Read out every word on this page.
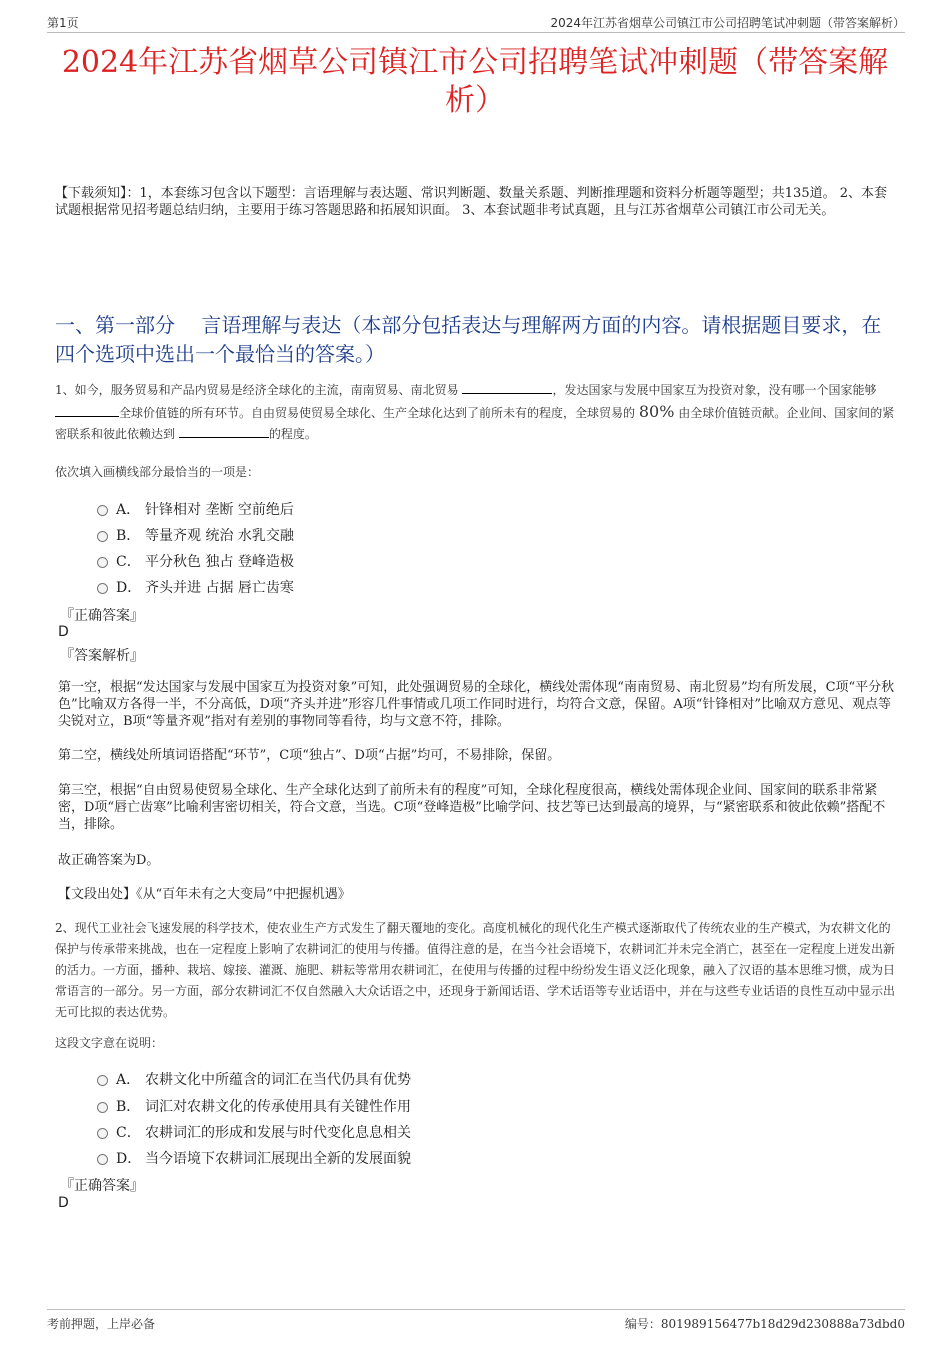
第1页	2024年江苏省烟草公司镇江市公司招聘笔试冲刺题（带答案解析）
2024年江苏省烟草公司镇江市公司招聘笔试冲刺题（带答案解析）
【下载须知】：1，本套练习包含以下题型：言语理解与表达题、常识判断题、数量关系题、判断推理题和资料分析题等题型；共135道。 2、本套试题根据常见招考题总结归纳，主要用于练习答题思路和拓展知识面。 3、本套试题非考试真题，且与江苏省烟草公司镇江市公司无关。
一、第一部分　 言语理解与表达（本部分包括表达与理解两方面的内容。请根据题目要求，在四个选项中选出一个最恰当的答案。）
1、如今，服务贸易和产品内贸易是经济全球化的主流，南南贸易、南北贸易	，发达国家与发展中国家互为投资对象，没有哪一个国家能够 全球价值链的所有环节。自由贸易使贸易全球化、生产全球化达到了前所未有的程度，全球贸易的 80% 由全球价值链贡献。企业间、国家间的紧密联系和彼此依赖达到	的程度。
依次填入画横线部分最恰当的一项是：
A． 针锋相对 垄断 空前绝后
B． 等量齐观 统治 水乳交融
C． 平分秋色 独占 登峰造极
D． 齐头并进 占据 唇亡齿寒
『正确答案』
D
『答案解析』
第一空，根据“发达国家与发展中国家互为投资对象”可知，此处强调贸易的全球化，横线处需体现“南南贸易、南北贸易”均有所发展，C项“平分秋色”比喻双方各得一半，不分高低，D项“齐头并进”形容几件事情或几项工作同时进行，均符合文意，保留。A项“针锋相对”比喻双方意见、观点等尖锐对立，B项“等量齐观”指对有差别的事物同等看待，均与文意不符，排除。
第二空，横线处所填词语搭配“环节”，C项“独占”、D项“占据”均可，不易排除，保留。
第三空，根据“自由贸易使贸易全球化、生产全球化达到了前所未有的程度”可知，全球化程度很高，横线处需体现企业间、国家间的联系非常紧密，D项“唇亡齿寒”比喻利害密切相关，符合文意，当选。C项“登峰造极”比喻学问、技艺等已达到最高的境界，与“紧密联系和彼此依赖”搭配不当，排除。
故正确答案为D。
【文段出处】《从“百年未有之大变局”中把握机遇》
2、现代工业社会飞速发展的科学技术，使农业生产方式发生了翻天覆地的变化。高度机械化的现代化生产模式逐渐取代了传统农业的生产模式，为农耕文化的保护与传承带来挑战，也在一定程度上影响了农耕词汇的使用与传播。值得注意的是，在当今社会语境下，农耕词汇并未完全消亡，甚至在一定程度上迸发出新的活力。一方面，播种、栽培、嫁接、灌溉、施肥、耕耘等常用农耕词汇，在使用与传播的过程中纷纷发生语义泛化现象，融入了汉语的基本思维习惯，成为日常语言的一部分。另一方面，部分农耕词汇不仅自然融入大众话语之中，还现身于新闻话语、学术话语等专业话语中，并在与这些专业话语的良性互动中显示出无可比拟的表达优势。
这段文字意在说明：
A． 农耕文化中所蕴含的词汇在当代仍具有优势
B． 词汇对农耕文化的传承使用具有关键性作用
C． 农耕词汇的形成和发展与时代变化息息相关
D． 当今语境下农耕词汇展现出全新的发展面貌
『正确答案』
D
考前押题，上岸必备	编号：801989156477b18d29d230888a73dbd0
